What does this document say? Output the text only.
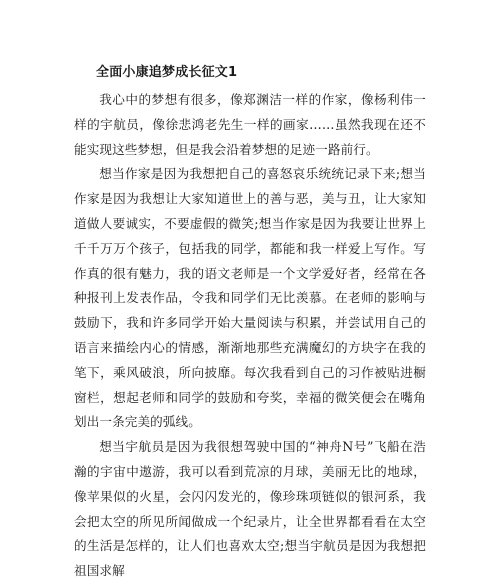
全面小康追梦成长征文1

我心中的梦想有很多，像郑渊洁一样的作家，像杨利伟一样的宇航员，像徐悲鸿老先生一样的画家……虽然我现在还不能实现这些梦想，但是我会沿着梦想的足迹一路前行。

想当作家是因为我想把自己的喜怒哀乐统统记录下来;想当作家是因为我想让大家知道世上的善与恶，美与丑，让大家知道做人要诚实，不要虚假的微笑;想当作家是因为我要让世界上千千万万个孩子，包括我的同学，都能和我一样爱上写作。写作真的很有魅力，我的语文老师是一个文学爱好者，经常在各种报刊上发表作品，令我和同学们无比羡慕。在老师的影响与鼓励下，我和许多同学开始大量阅读与积累，并尝试用自己的语言来描绘内心的情感，渐渐地那些充满魔幻的方块字在我的笔下，乘风破浪，所向披靡。每次我看到自己的习作被贴进橱窗栏，想起老师和同学的鼓励和夸奖，幸福的微笑便会在嘴角划出一条完美的弧线。

想当宇航员是因为我很想驾驶中国的“神舟N号”飞船在浩瀚的宇宙中遨游，我可以看到荒凉的月球，美丽无比的地球，像苹果似的火星，会闪闪发光的，像珍珠项链似的银河系，我会把太空的所见所闻做成一个纪录片，让全世界都看看在太空的生活是怎样的，让人们也喜欢太空;想当宇航员是因为我想把祖国求解
